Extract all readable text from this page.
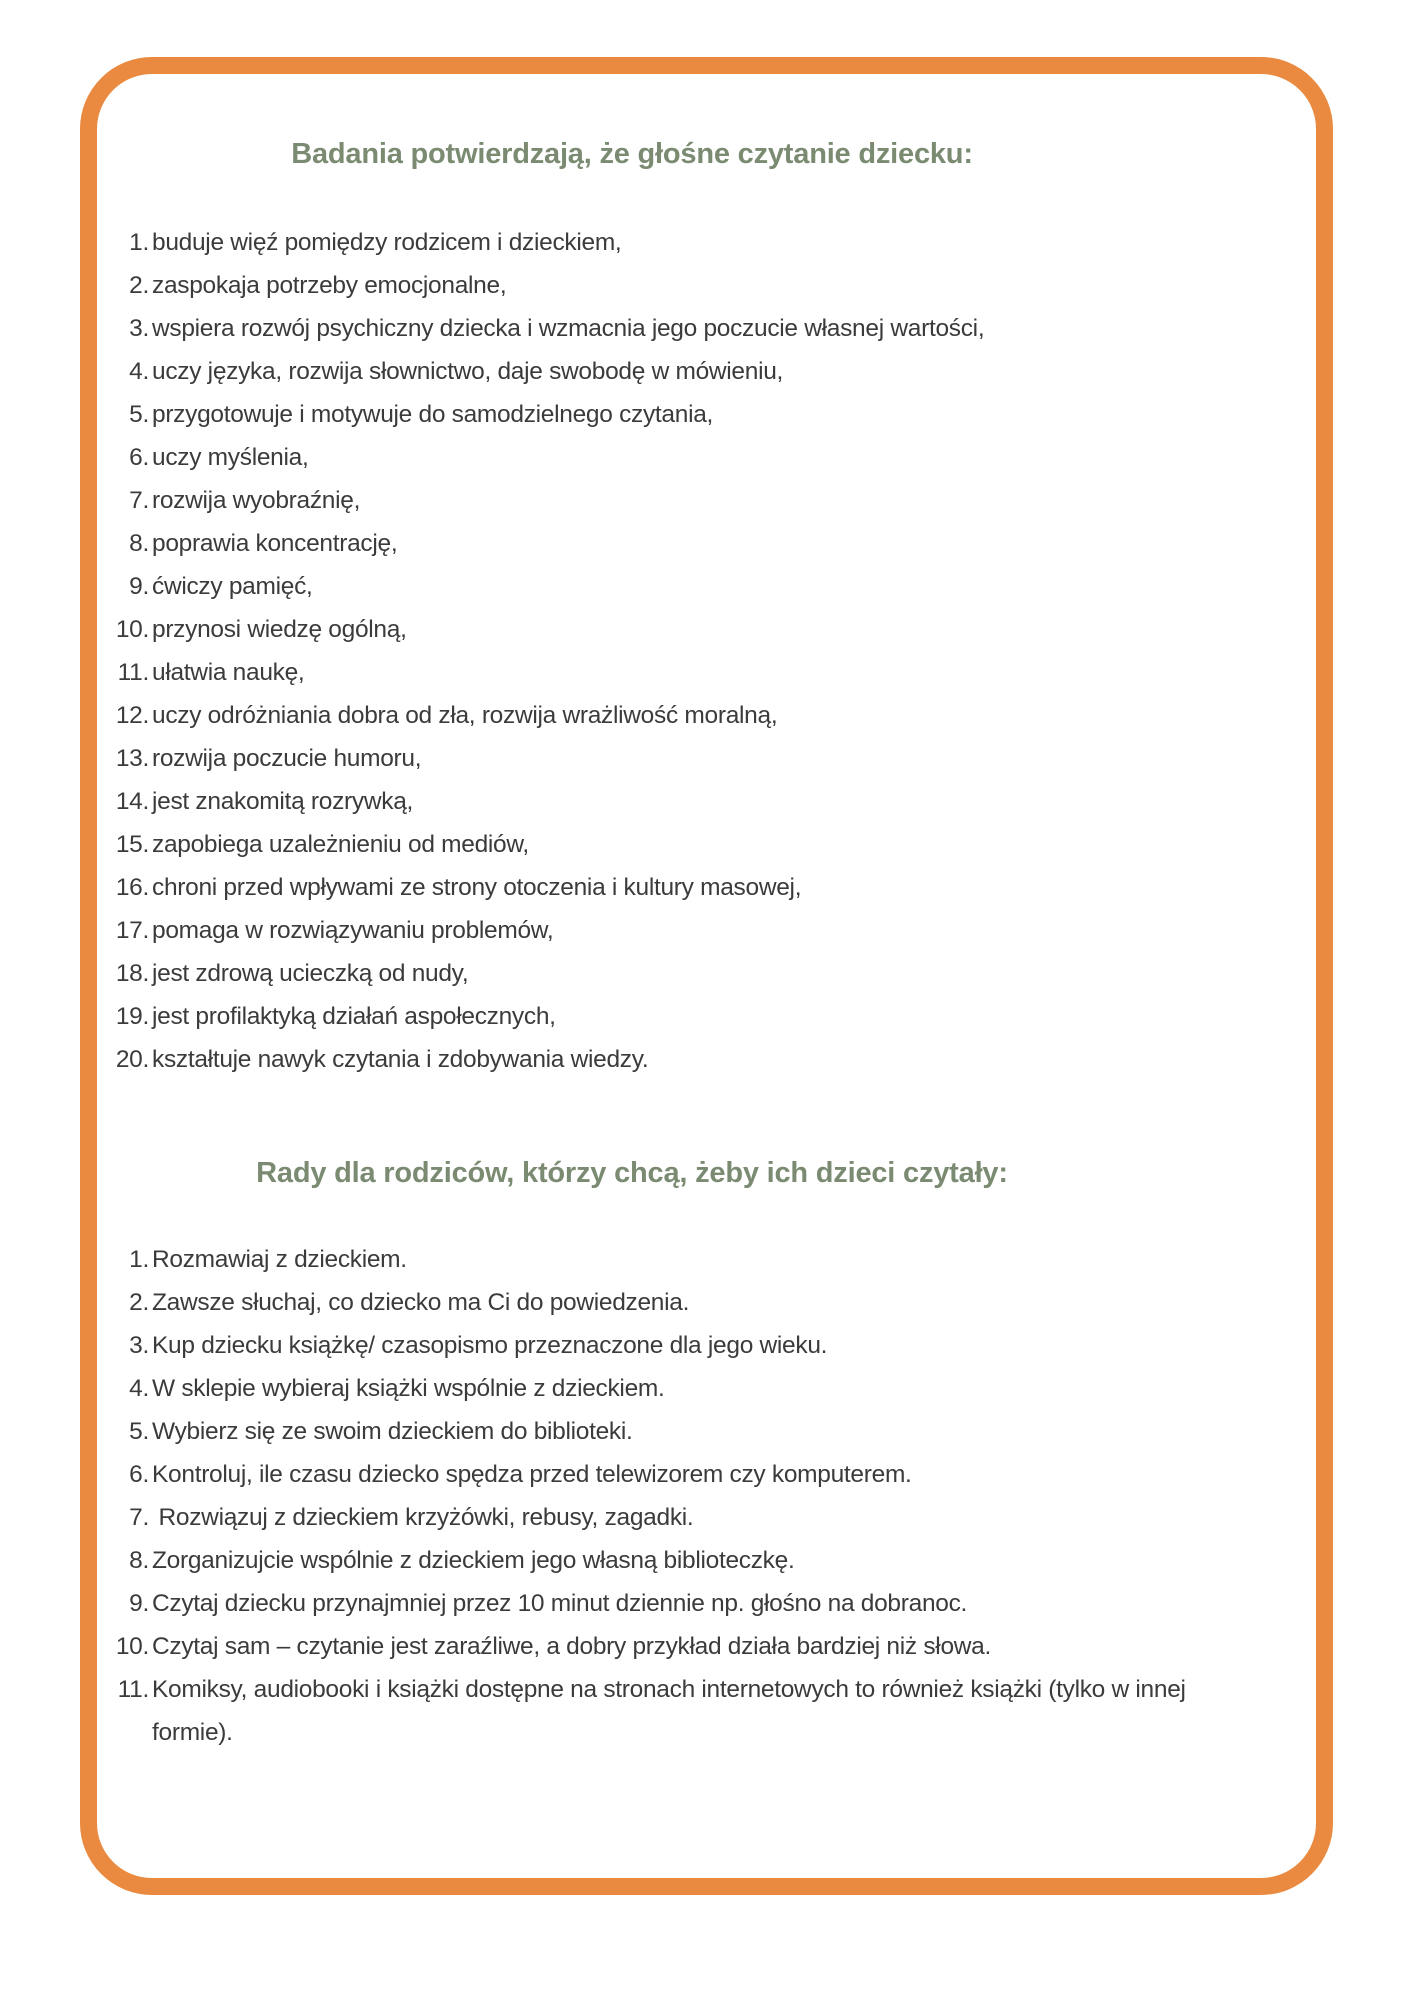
Badania potwierdzają, że głośne czytanie dziecku:
buduje więź pomiędzy rodzicem i dzieckiem,
zaspokaja potrzeby emocjonalne,
wspiera rozwój psychiczny dziecka i wzmacnia jego poczucie własnej wartości,
uczy języka, rozwija słownictwo, daje swobodę w mówieniu,
przygotowuje i motywuje do samodzielnego czytania,
uczy myślenia,
rozwija wyobraźnię,
poprawia koncentrację,
ćwiczy pamięć,
przynosi wiedzę ogólną,
ułatwia naukę,
uczy odróżniania dobra od zła, rozwija wrażliwość moralną,
rozwija poczucie humoru,
jest znakomitą rozrywką,
zapobiega uzależnieniu od mediów,
chroni przed wpływami ze strony otoczenia i kultury masowej,
pomaga w rozwiązywaniu problemów,
jest zdrową ucieczką od nudy,
jest profilaktyką działań aspołecznych,
kształtuje nawyk czytania i zdobywania wiedzy.
Rady dla rodziców, którzy chcą, żeby ich dzieci czytały:
Rozmawiaj z dzieckiem.
Zawsze słuchaj, co dziecko ma Ci do powiedzenia.
Kup dziecku książkę/ czasopismo przeznaczone dla jego wieku.
W sklepie wybieraj książki wspólnie z dzieckiem.
Wybierz się ze swoim dzieckiem do biblioteki.
Kontroluj, ile czasu dziecko spędza przed telewizorem czy komputerem.
Rozwiązuj z dzieckiem krzyżówki, rebusy, zagadki.
Zorganizujcie wspólnie z dzieckiem jego własną biblioteczkę.
Czytaj dziecku przynajmniej przez 10 minut dziennie np. głośno na dobranoc.
Czytaj sam – czytanie jest zaraźliwe, a dobry przykład działa bardziej niż słowa.
Komiksy, audiobooki i książki dostępne na stronach internetowych to również książki (tylko w innej formie).
